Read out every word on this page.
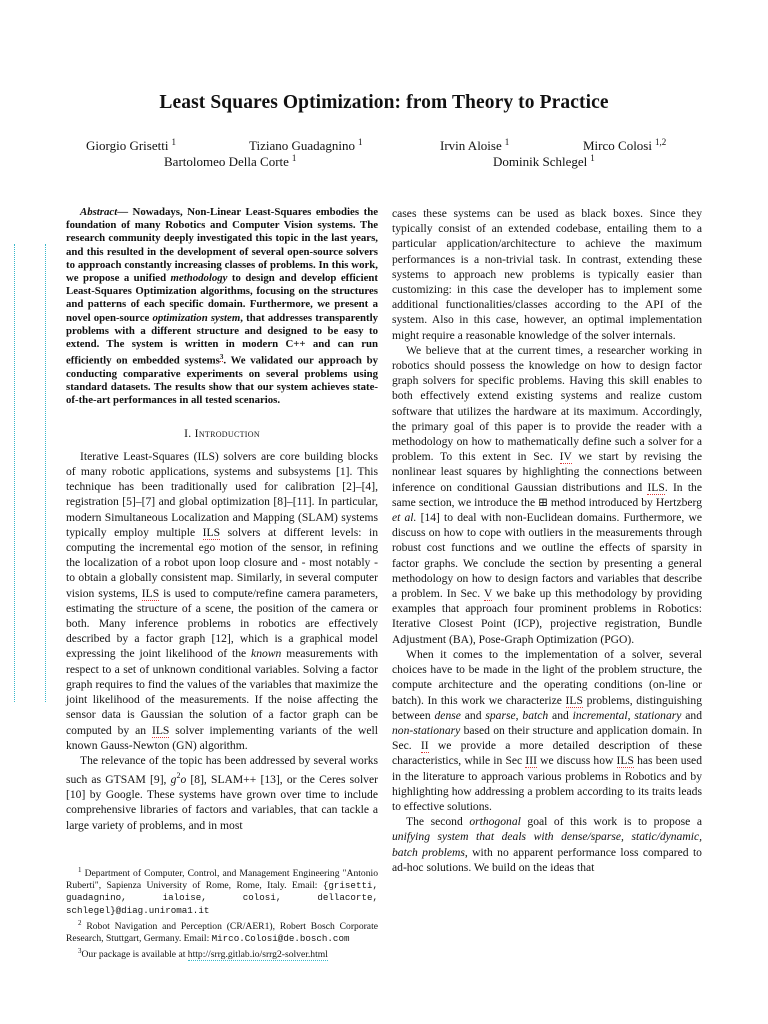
Least Squares Optimization: from Theory to Practice
Giorgio Grisetti $^1$	Tiziano Guadagnino $^1$	Irvin Aloise $^1$	Mirco Colosi $^{1,2}$
Bartolomeo Della Corte $^1$	Dominik Schlegel $^1$

Abstract— Nowadays, Non-Linear Least-Squares embodies the foundation of many Robotics and Computer Vision systems. The research community deeply investigated this topic in the last years, and this resulted in the development of several open-source solvers to approach constantly increasing classes of problems. In this work, we propose a unified methodology to design and develop efficient Least-Squares Optimization algorithms, focusing on the structures and patterns of each specific domain. Furthermore, we present a novel open-source optimization system, that addresses transparently problems with a different structure and designed to be easy to extend. The system is written in modern C++ and can run efficiently on embedded systems$^3$. We validated our approach by conducting comparative experiments on several problems using standard datasets. The results show that our system achieves state-of-the-art performances in all tested scenarios.

I. Introduction

Iterative Least-Squares (ILS) solvers are core building blocks of many robotic applications, systems and subsystems [1]. This technique has been traditionally used for calibration [2]–[4], registration [5]–[7] and global optimization [8]–[11]. In particular, modern Simultaneous Localization and Mapping (SLAM) systems typically employ multiple ILS solvers at different levels: in computing the incremental ego motion of the sensor, in refining the localization of a robot upon loop closure and - most notably - to obtain a globally consistent map. Similarly, in several computer vision systems, ILS is used to compute/refine camera parameters, estimating the structure of a scene, the position of the camera or both. Many inference problems in robotics are effectively described by a factor graph [12], which is a graphical model expressing the joint likelihood of the known measurements with respect to a set of unknown conditional variables. Solving a factor graph requires to find the values of the variables that maximize the joint likelihood of the measurements. If the noise affecting the sensor data is Gaussian the solution of a factor graph can be computed by an ILS solver implementing variants of the well known Gauss-Newton (GN) algorithm.

The relevance of the topic has been addressed by several works such as GTSAM [9], $g^2o$ [8], SLAM++ [13], or the Ceres solver [10] by Google. These systems have grown over time to include comprehensive libraries of factors and variables, that can tackle a large variety of problems, and in most

$^1$ Department of Computer, Control, and Management Engineering "Antonio Ruberti", Sapienza University of Rome, Rome, Italy. Email: {grisetti, guadagnino, ialoise, colosi, dellacorte, schlegel}@diag.uniroma1.it

$^2$ Robot Navigation and Perception (CR/AER1), Robert Bosch Corporate Research, Stuttgart, Germany. Email: Mirco.Colosi@de.bosch.com

$^3$Our package is available at http://srrg.gitlab.io/srrg2-solver.html

cases these systems can be used as black boxes. Since they typically consist of an extended codebase, entailing them to a particular application/architecture to achieve the maximum performances is a non-trivial task. In contrast, extending these systems to approach new problems is typically easier than customizing: in this case the developer has to implement some additional functionalities/classes according to the API of the system. Also in this case, however, an optimal implementation might require a reasonable knowledge of the solver internals.

We believe that at the current times, a researcher working in robotics should possess the knowledge on how to design factor graph solvers for specific problems. Having this skill enables to both effectively extend existing systems and realize custom software that utilizes the hardware at its maximum. Accordingly, the primary goal of this paper is to provide the reader with a methodology on how to mathematically define such a solver for a problem. To this extent in Sec. IV we start by revising the nonlinear least squares by highlighting the connections between inference on conditional Gaussian distributions and ILS. In the same section, we introduce the ⊞ method introduced by Hertzberg et al. [14] to deal with non-Euclidean domains. Furthermore, we discuss on how to cope with outliers in the measurements through robust cost functions and we outline the effects of sparsity in factor graphs. We conclude the section by presenting a general methodology on how to design factors and variables that describe a problem. In Sec. V we bake up this methodology by providing examples that approach four prominent problems in Robotics: Iterative Closest Point (ICP), projective registration, Bundle Adjustment (BA), Pose-Graph Optimization (PGO).

When it comes to the implementation of a solver, several choices have to be made in the light of the problem structure, the compute architecture and the operating conditions (on-line or batch). In this work we characterize ILS problems, distinguishing between dense and sparse, batch and incremental, stationary and non-stationary based on their structure and application domain. In Sec. II we provide a more detailed description of these characteristics, while in Sec III we discuss how ILS has been used in the literature to approach various problems in Robotics and by highlighting how addressing a problem according to its traits leads to effective solutions.

The second orthogonal goal of this work is to propose a unifying system that deals with dense/sparse, static/dynamic, batch problems, with no apparent performance loss compared to ad-hoc solutions. We build on the ideas that
